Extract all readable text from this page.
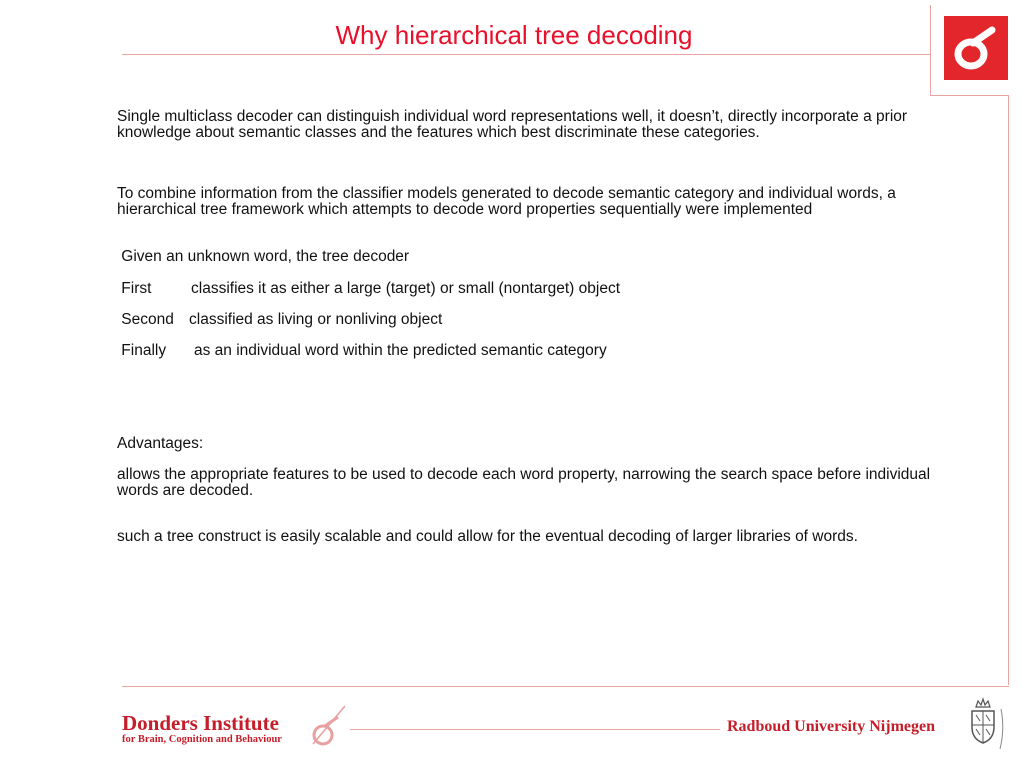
Why hierarchical tree decoding
Single multiclass decoder can distinguish individual word representations well, it doesn’t, directly incorporate a prior knowledge about semantic classes and the features which best discriminate these categories.
To combine information from the classifier models generated to decode semantic category and individual words, a hierarchical tree framework which attempts to decode word properties sequentially were implemented
Given an unknown word, the tree decoder
First	classifies it as either a large (target) or small (nontarget) object
Second classified as living or nonliving object
Finally as an individual word within the predicted semantic category
Advantages:
allows the appropriate features to be used to decode each word property, narrowing the search space before individual words are decoded.
such a tree construct is easily scalable and could allow for the eventual decoding of larger libraries of words.
Donders Institute
for Brain, Cognition and Behaviour
Radboud University Nijmegen
